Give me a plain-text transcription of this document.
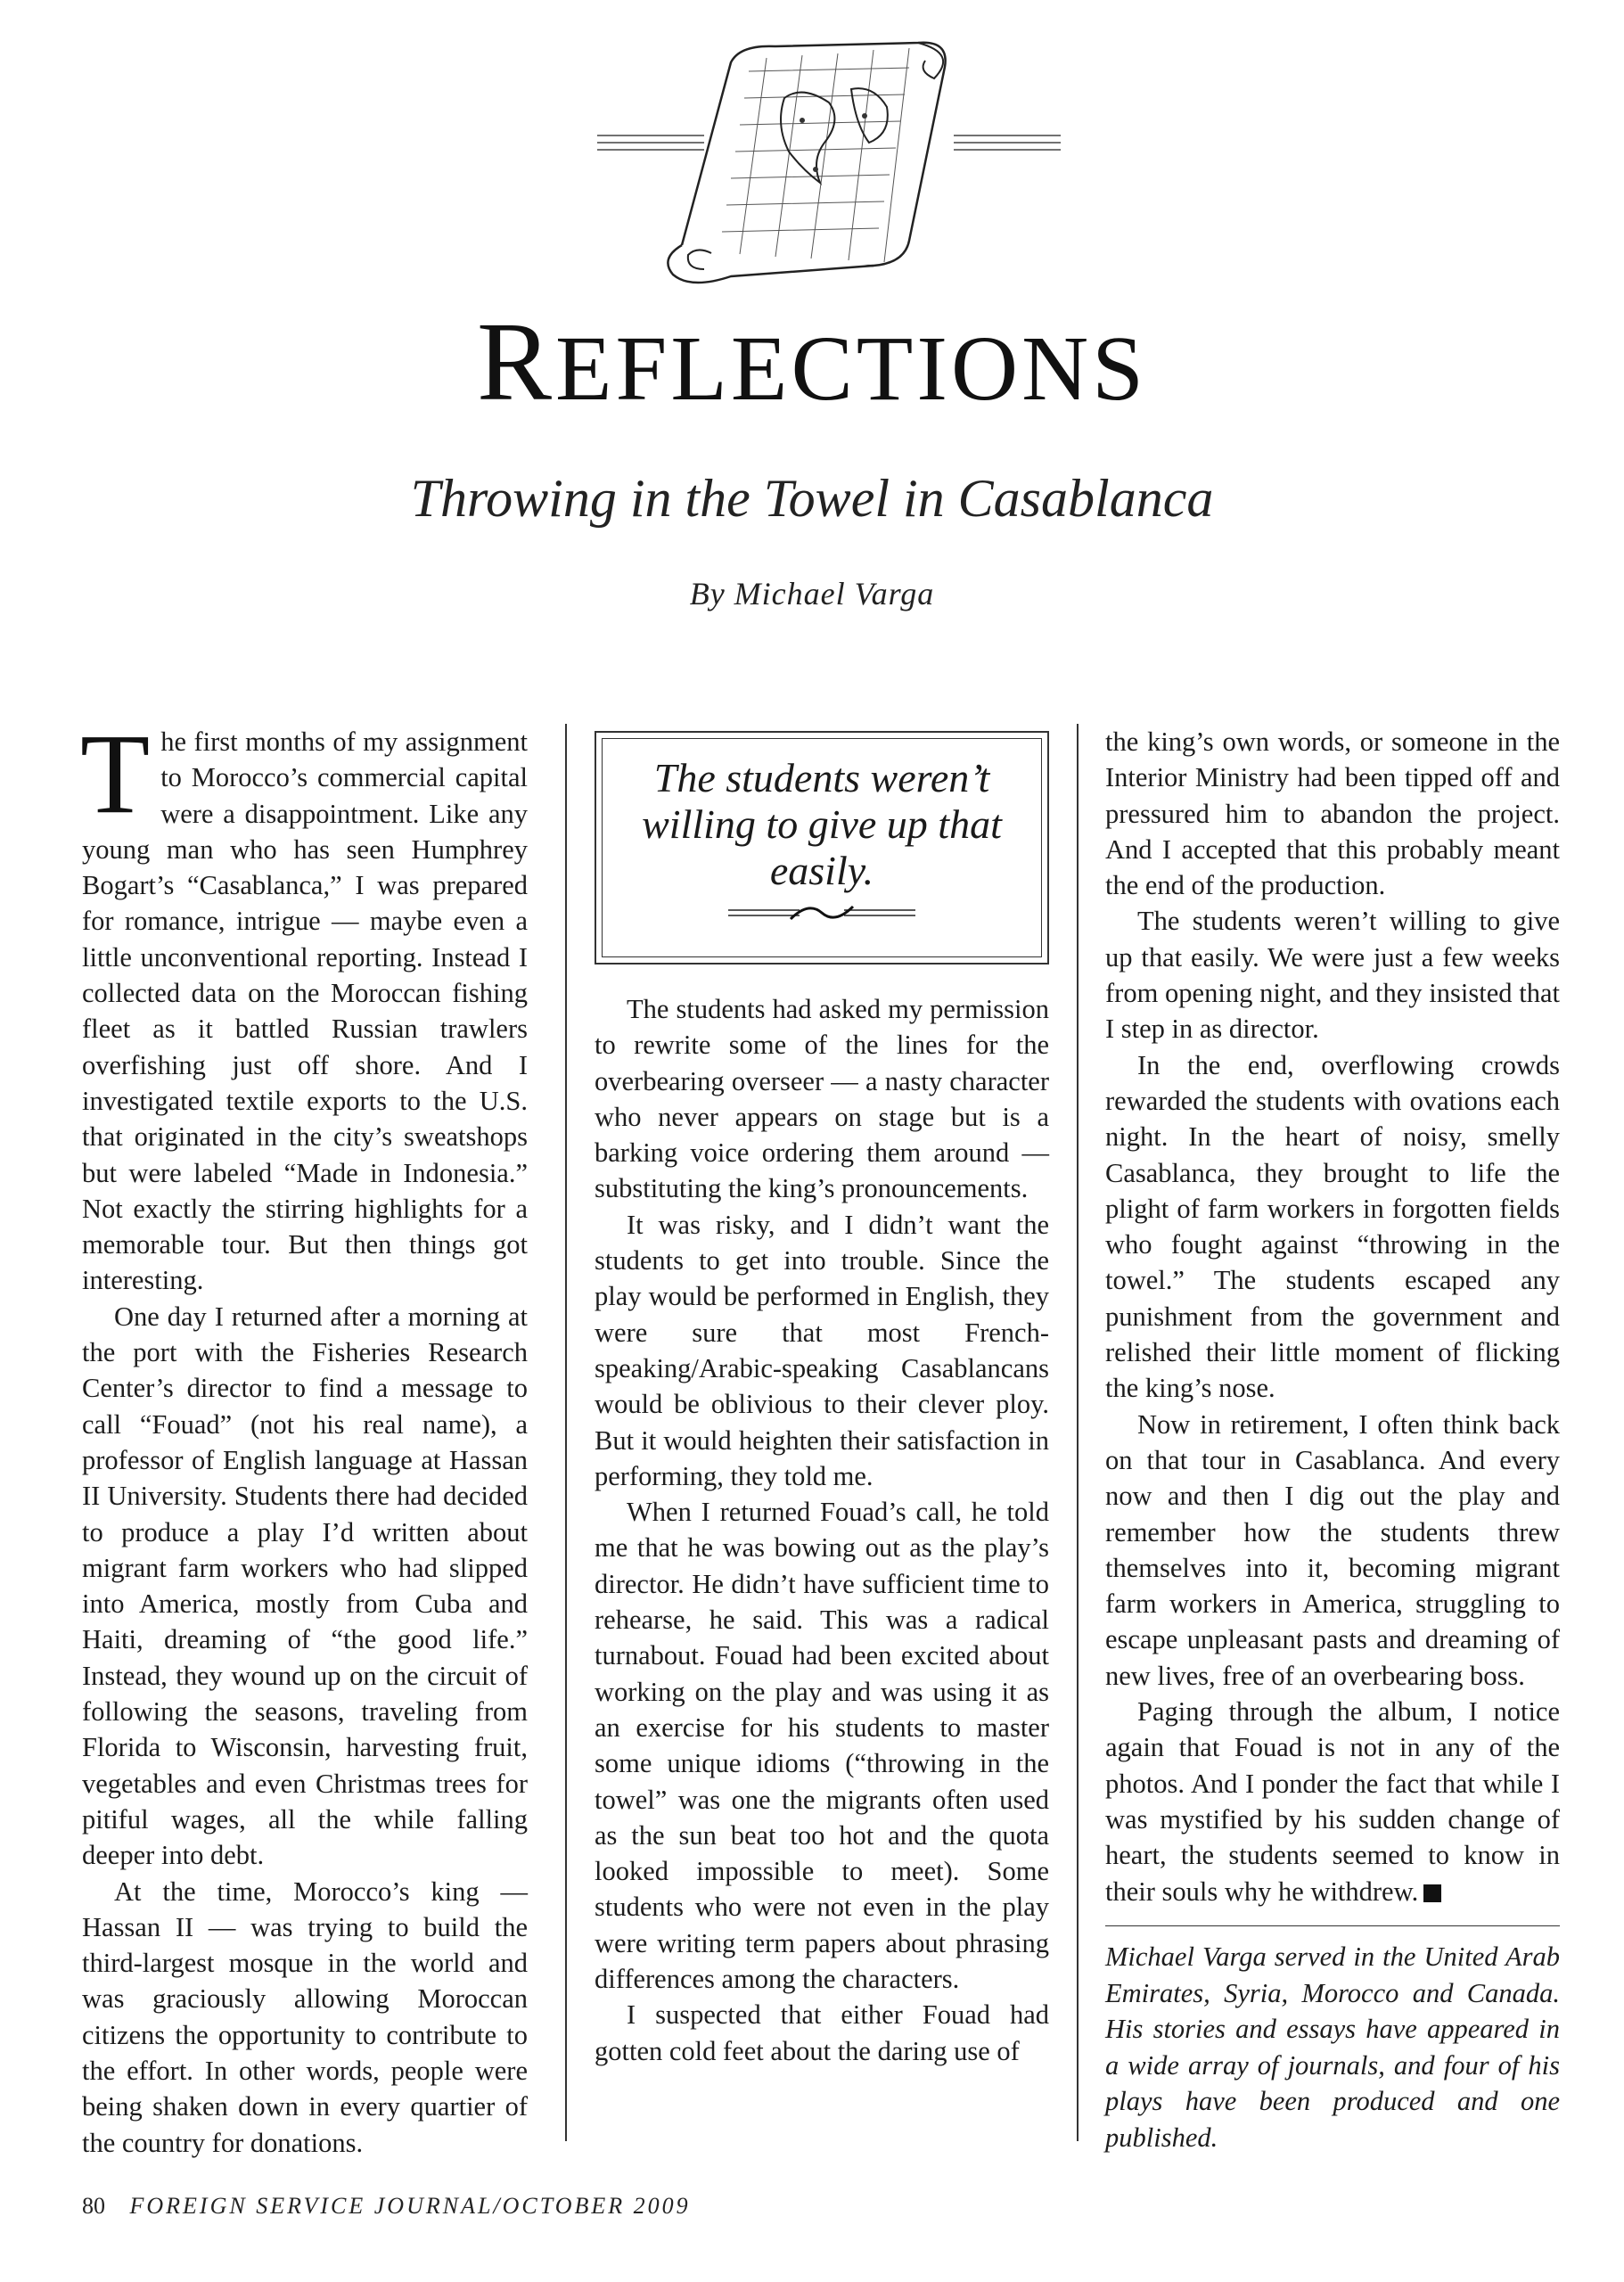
REFLECTIONS
Throwing in the Towel in Casablanca
By Michael Varga

The first months of my assignment to Morocco’s commercial capital were a disappointment. Like any young man who has seen Humphrey Bogart’s “Casablanca,” I was prepared for romance, intrigue — maybe even a little unconventional reporting. Instead I collected data on the Moroccan fishing fleet as it battled Russian trawlers overfishing just off shore. And I investigated textile exports to the U.S. that originated in the city’s sweatshops but were labeled “Made in Indonesia.” Not exactly the stirring highlights for a memorable tour. But then things got interesting.

One day I returned after a morning at the port with the Fisheries Research Center’s director to find a message to call “Fouad” (not his real name), a professor of English language at Hassan II University. Students there had decided to produce a play I’d written about migrant farm workers who had slipped into America, mostly from Cuba and Haiti, dreaming of “the good life.” Instead, they wound up on the circuit of following the seasons, traveling from Florida to Wisconsin, harvesting fruit, vegetables and even Christmas trees for pitiful wages, all the while falling deeper into debt.

At the time, Morocco’s king — Hassan II — was trying to build the third-largest mosque in the world and was graciously allowing Moroccan citizens the opportunity to contribute to the effort. In other words, people were being shaken down in every quartier of the country for donations.

The students weren’t willing to give up that easily.

The students had asked my permission to rewrite some of the lines for the overbearing overseer — a nasty character who never appears on stage but is a barking voice ordering them around — substituting the king’s pronouncements.

It was risky, and I didn’t want the students to get into trouble. Since the play would be performed in English, they were sure that most French-speaking/Arabic-speaking Casablancans would be oblivious to their clever ploy. But it would heighten their satisfaction in performing, they told me.

When I returned Fouad’s call, he told me that he was bowing out as the play’s director. He didn’t have sufficient time to rehearse, he said. This was a radical turnabout. Fouad had been excited about working on the play and was using it as an exercise for his students to master some unique idioms (“throwing in the towel” was one the migrants often used as the sun beat too hot and the quota looked impossible to meet). Some students who were not even in the play were writing term papers about phrasing differences among the characters.

I suspected that either Fouad had gotten cold feet about the daring use of

the king’s own words, or someone in the Interior Ministry had been tipped off and pressured him to abandon the project. And I accepted that this probably meant the end of the production.

The students weren’t willing to give up that easily. We were just a few weeks from opening night, and they insisted that I step in as director.

In the end, overflowing crowds rewarded the students with ovations each night. In the heart of noisy, smelly Casablanca, they brought to life the plight of farm workers in forgotten fields who fought against “throwing in the towel.” The students escaped any punishment from the government and relished their little moment of flicking the king’s nose.

Now in retirement, I often think back on that tour in Casablanca. And every now and then I dig out the play and remember how the students threw themselves into it, becoming migrant farm workers in America, struggling to escape unpleasant pasts and dreaming of new lives, free of an overbearing boss.

Paging through the album, I notice again that Fouad is not in any of the photos. And I ponder the fact that while I was mystified by his sudden change of heart, the students seemed to know in their souls why he withdrew.

Michael Varga served in the United Arab Emirates, Syria, Morocco and Canada. His stories and essays have appeared in a wide array of journals, and four of his plays have been produced and one published.

80 FOREIGN SERVICE JOURNAL/OCTOBER 2009
